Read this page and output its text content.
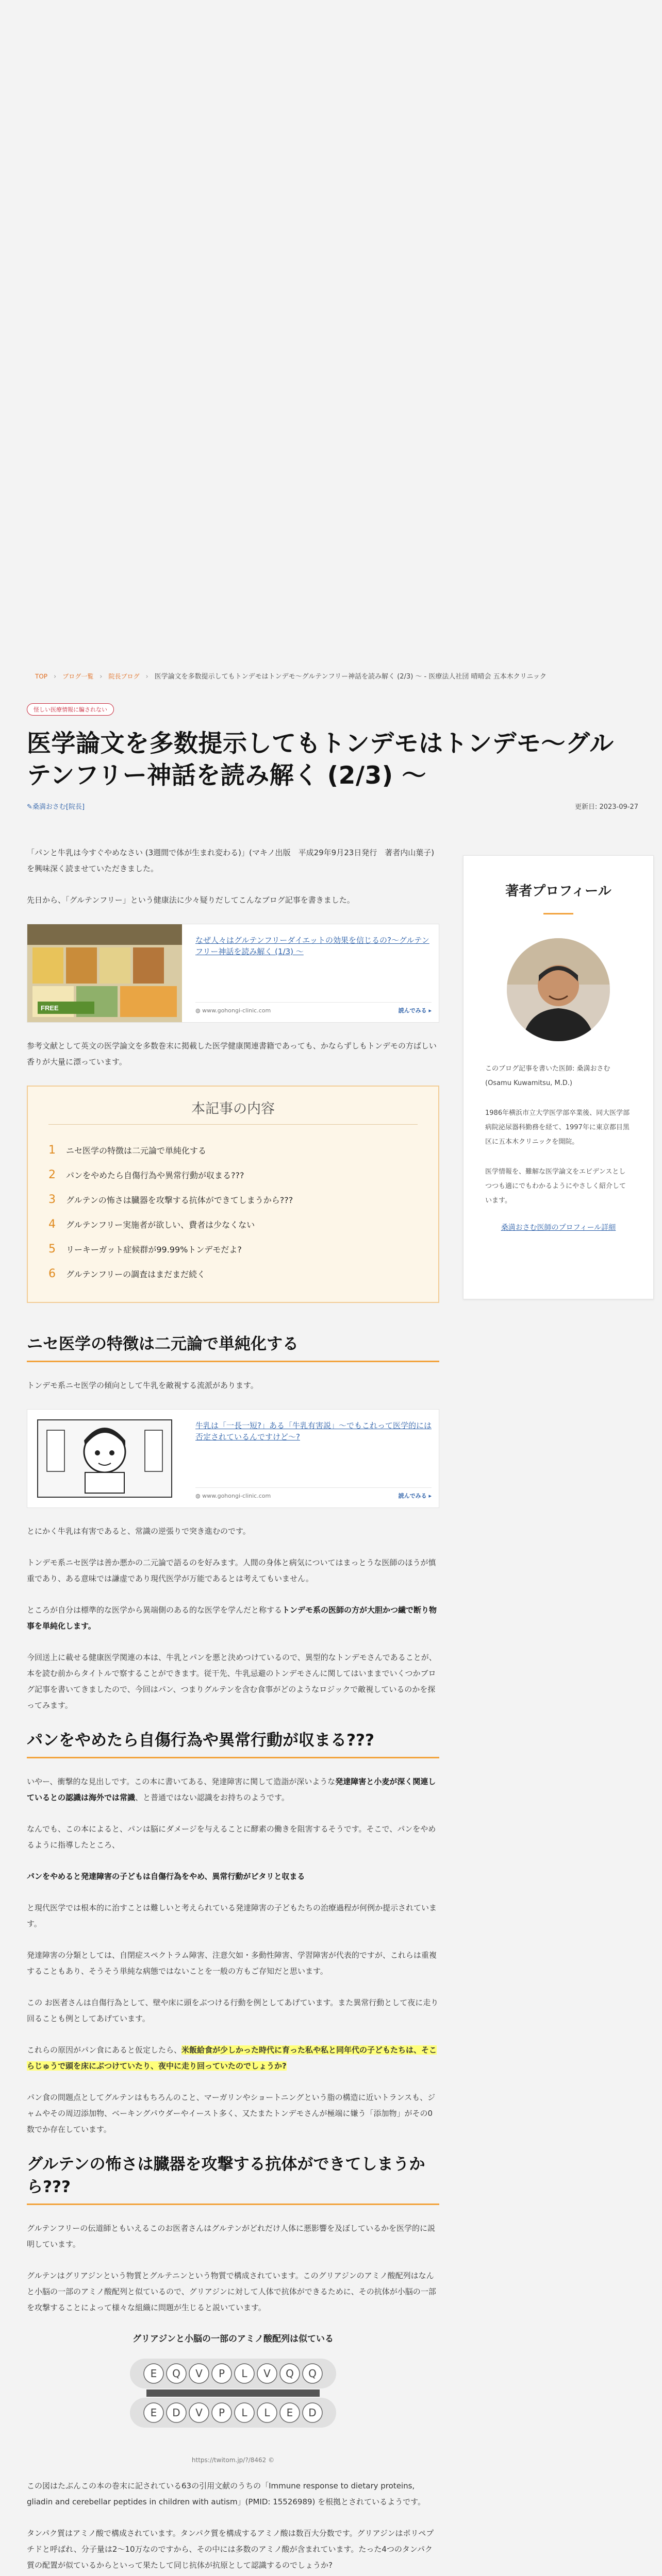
TOP › ブログ一覧 › 院長ブログ › 医学論文を多数提示してもトンデモはトンデモ〜グルテンフリー神話を読み解く (2/3) 〜 - 医療法人社団 晴晴会 五本木クリニック
怪しい医療情報に騙されない
医学論文を多数提示してもトンデモはトンデモ〜グルテンフリー神話を読み解く (2/3) 〜
✎桑満おさむ[院長]	更新日: 2023-09-27

「パンと牛乳は今すぐやめなさい (3週間で体が生まれ変わる)」(マキノ出版　平成29年9月23日発行　著者内山葉子) を興味深く読ませていただきました。

先日から、「グルテンフリー」という健康法に少々疑りだしてこんなブログ記事を書きました。

FREE
なぜ人々はグルテンフリーダイエットの効果を信じるの?〜グルテンフリー神話を読み解く (1/3) 〜
◍ www.gohongi-clinic.com	読んでみる ▸

参考文献として英文の医学論文を多数巻末に掲載した医学健康関連書籍であっても、かならずしもトンデモの方ばしい香りが大量に漂っています。

本記事の内容
1 ニセ医学の特徴は二元論で単純化する
2 パンをやめたら自傷行為や異常行動が収まる???
3 グルテンの怖さは臓器を攻撃する抗体ができてしまうから???
4 グルテンフリー実施者が欲しい、費者は少なくない
5 リーキーガット症候群が99.99%トンデモだよ?
6 グルテンフリーの調査はまだまだ続く
ニセ医学の特徴は二元論で単純化する

トンデモ系ニセ医学の傾向として牛乳を敵視する流派があります。

牛乳は「一長一短?」ある「牛乳有害説」〜でもこれって医学的には否定されているんですけど〜?
◍ www.gohongi-clinic.com	読んでみる ▸

とにかく牛乳は有害であると、常識の逆張りで突き進むのです。

トンデモ系ニセ医学は善か悪かの二元論で語るのを好みます。人間の身体と病気についてはまっとうな医師のほうが慎重であり、ある意味では謙虚であり現代医学が万能であるとは考えてもいません。

ところが自分は標準的な医学から異端側のある的な医学を学んだと称するトンデモ系の医師の方が大胆かつ繊で断り物事を単純化します。

今回送上に載せる健康医学関連の本は、牛乳とパンを悪と決めつけているので、異型的なトンデモさんであることが、本を読む前からタイトルで察することができます。従干先、牛乳忌避のトンデモさんに関してはいままでいくつかブログ記事を書いてきましたので、今回はパン、つまりグルテンを含む食事がどのようなロジックで敵視しているのかを探ってみます。

パンをやめたら自傷行為や異常行動が収まる???

いやー、衝撃的な見出しです。この本に書いてある、発達障害に関して造詣が深いような発達障害と小麦が深く関連しているとの認識は海外では常識、と普通ではない認識をお持ちのようです。

なんでも、この本によると、パンは脳にダメージを与えることに酵素の働きを阻害するそうです。そこで、パンをやめるように指導したところ、

パンをやめると発達障害の子どもは自傷行為をやめ、異常行動がピタリと収まる

と現代医学では根本的に治すことは難しいと考えられている発達障害の子どもたちの治療過程が何例か提示されています。

発達障害の分類としては、自閉症スペクトラム障害、注意欠如・多動性障害、学習障害が代表的ですが、これらは重複することもあり、そうそう単純な病態ではないことを一般の方もご存知だと思います。

この お医者さんは自傷行為として、壁や床に頭をぶつける行動を例としてあげています。また異常行動として夜に走り回ることも例としてあげています。

これらの原因がパン食にあると仮定したら、米飯給食が少しかった時代に育った私や私と同年代の子どもたちは、そこらじゅうで頭を床にぶつけていたり、夜中に走り回っていたのでしょうか?

パン食の問題点としてグルテンはもちろんのこと、マーガリンやショートニングという脂の構造に近いトランスも、ジャムやその周辺添加物、ベーキングパウダーやイースト多く、又たまたトンデモさんが極端に嫌う「添加物」がその0数でか存在しています。

グルテンの怖さは臓器を攻撃する抗体ができてしまうから???

グルテンフリーの伝道師ともいえるこのお医者さんはグルテンがどれだけ人体に悪影響を及ぼしているかを医学的に説明しています。

グルテンはグリアジンという物質とグルテニンという物質で構成されています。このグリアジンのアミノ酸配列はなんと小脳の一部のアミノ酸配列と似ているので、グリアジンに対して人体で抗体ができるために、その抗体が小脳の一部を攻撃することによって様々な組織に問題が生じると説いています。

グリアジンと小脳の一部のアミノ酸配列は似ている
E Q V P L V Q Q
E D V P L L E D
https://twitom.jp/?/8462 ©

この図はたぶんこの本の巻末に記されている63の引用文献のうちの「Immune response to dietary proteins, gliadin and cerebellar peptides in children with autism」(PMID: 15526989) を根拠とされているようです。

タンパク質はアミノ酸で構成されています。タンパク質を構成するアミノ酸は数百大分数です。グリアジンはポリペプチドと呼ばれ、分子量は2〜10万なのですから、その中には多数のアミノ酸が含まれています。たった4つのタンパク質の配置が似ているからといって果たして同じ抗体が抗原として認識するのでしょうか?

著者プロフィール

このブログ記事を書いた医師: 桑満おさむ (Osamu Kuwamitsu, M.D.)

1986年横浜市立大学医学部卒業後、同大医学部病院泌尿器科勤務を経て、1997年に東京都目黒区に五本木クリニックを開院。

医学情報を、難解な医学論文をエビデンスとしつつも適にでもわかるようにやさしく紹介しています。

桑満おさむ医師のプロフィール詳細
